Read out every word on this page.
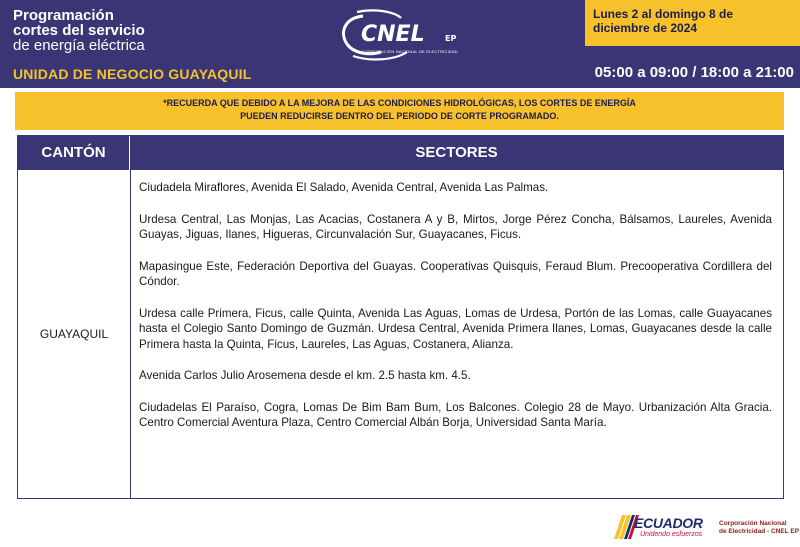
Programación
cortes del servicio
de energía eléctrica
UNIDAD DE NEGOCIO GUAYAQUIL
CNEL	EP
CORPORACIÓN NACIONAL DE ELECTRICIDAD
Lunes 2 al domingo 8 de
diciembre de 2024
05:00 a 09:00 / 18:00 a 21:00
*RECUERDA QUE DEBIDO A LA MEJORA DE LAS CONDICIONES HIDROLÓGICAS, LOS CORTES DE ENERGÍA
PUEDEN REDUCIRSE DENTRO DEL PERIODO DE CORTE PROGRAMADO.
CANTÓN	SECTORES
GUAYAQUIL

Ciudadela Miraflores, Avenida El Salado, Avenida Central, Avenida Las Palmas.

Urdesa Central, Las Monjas, Las Acacias, Costanera A y B, Mirtos, Jorge Pérez Concha, Bálsamos, Laureles, Avenida Guayas, Jiguas, Ilanes, Higueras, Circunvalación Sur, Guayacanes, Ficus.

Mapasingue Este, Federación Deportiva del Guayas. Cooperativas Quisquis, Feraud Blum. Precooperativa Cordillera del Cóndor.

Urdesa calle Primera, Ficus, calle Quinta, Avenida Las Aguas, Lomas de Urdesa, Portón de las Lomas, calle Guayacanes hasta el Colegio Santo Domingo de Guzmán. Urdesa Central, Avenida Primera Ilanes, Lomas, Guayacanes desde la calle Primera hasta la Quinta, Ficus, Laureles, Las Aguas, Costanera, Alianza.

Avenida Carlos Julio Arosemena desde el km. 2.5 hasta km. 4.5.

Ciudadelas El Paraíso, Cogra, Lomas De Bim Bam Bum, Los Balcones. Colegio 28 de Mayo. Urbanización Alta Gracia. Centro Comercial Aventura Plaza, Centro Comercial Albán Borja, Universidad Santa María.

ECUADOR
Unidendo esfuerzos
Corporación Nacional
de Electricidad - CNEL EP
